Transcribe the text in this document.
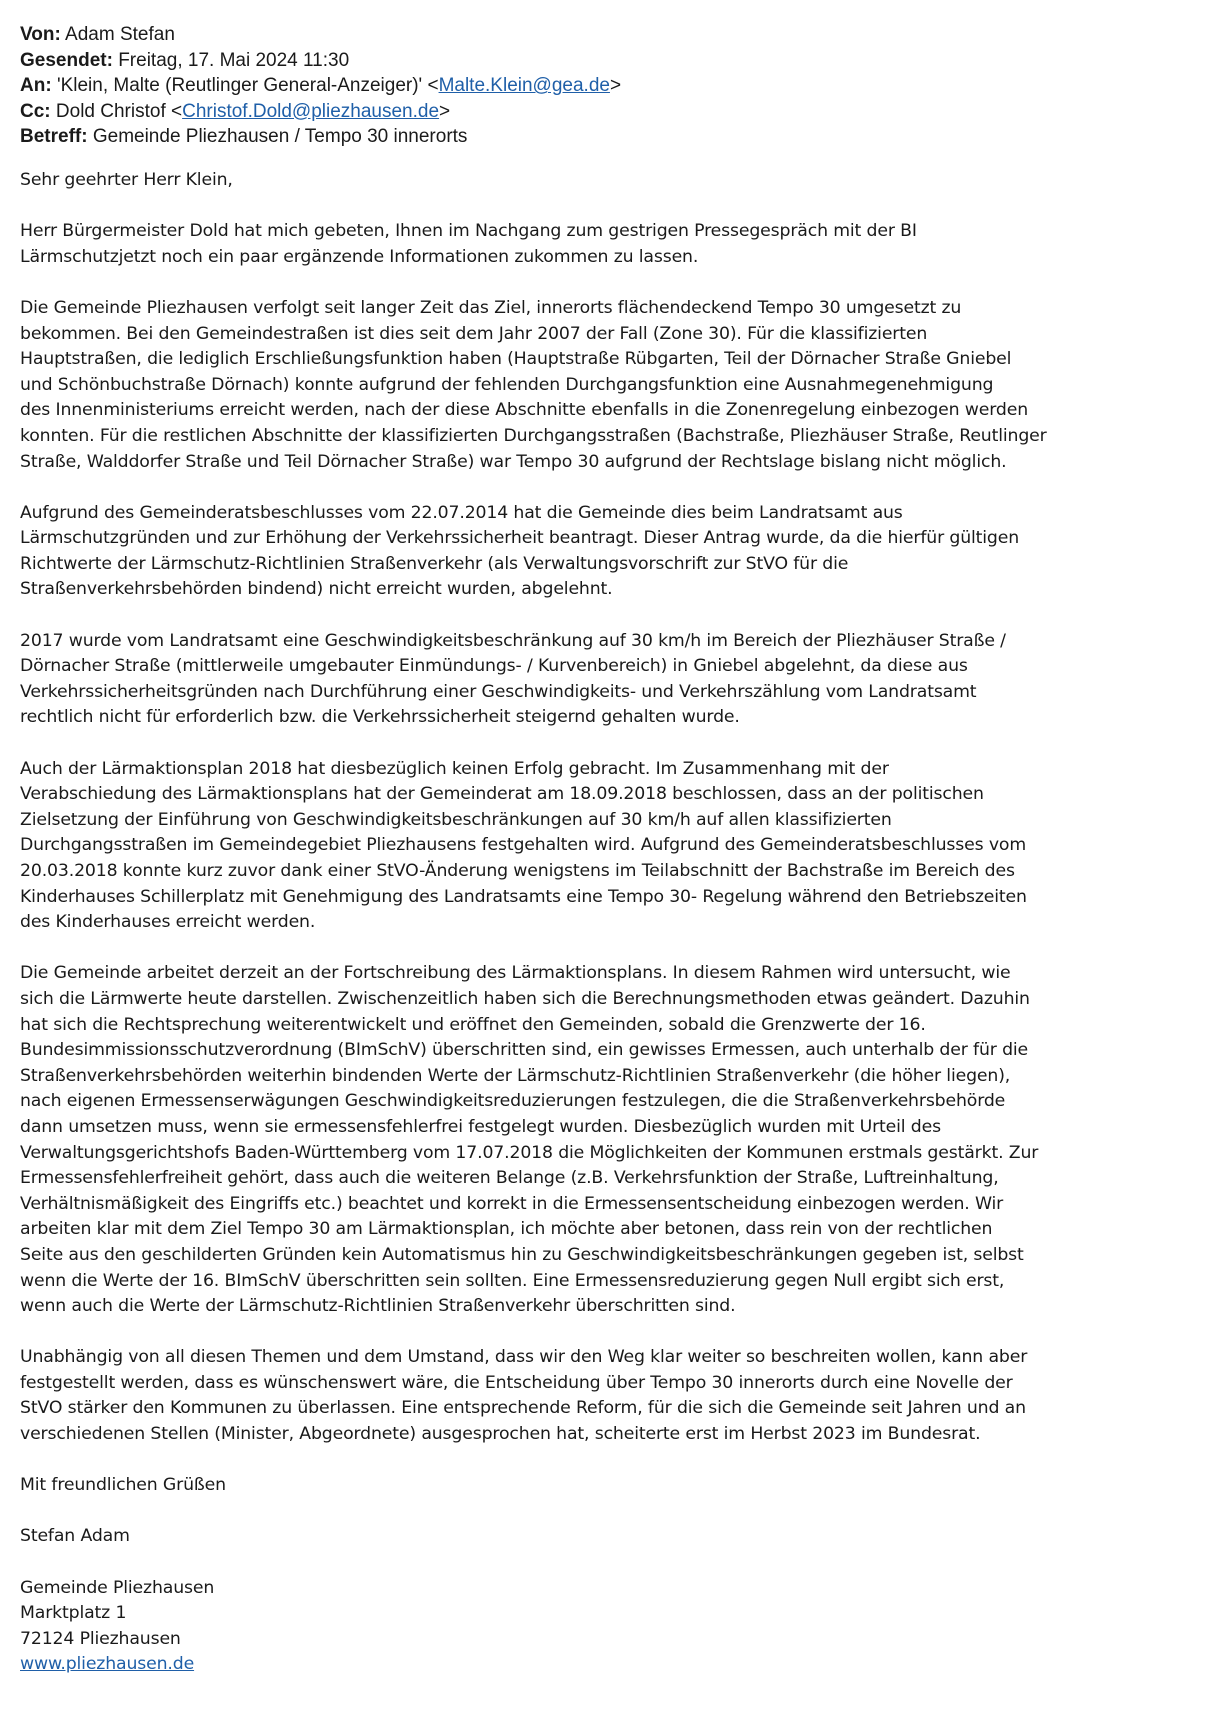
Von: Adam Stefan
Gesendet: Freitag, 17. Mai 2024 11:30
An: 'Klein, Malte (Reutlinger General-Anzeiger)' <Malte.Klein@gea.de>
Cc: Dold Christof <Christof.Dold@pliezhausen.de>
Betreff: Gemeinde Pliezhausen / Tempo 30 innerorts
Sehr geehrter Herr Klein,
Herr Bürgermeister Dold hat mich gebeten, Ihnen im Nachgang zum gestrigen Pressegespräch mit der BI
Lärmschutzjetzt noch ein paar ergänzende Informationen zukommen zu lassen.
Die Gemeinde Pliezhausen verfolgt seit langer Zeit das Ziel, innerorts flächendeckend Tempo 30 umgesetzt zu
bekommen. Bei den Gemeindestraßen ist dies seit dem Jahr 2007 der Fall (Zone 30). Für die klassifizierten
Hauptstraßen, die lediglich Erschließungsfunktion haben (Hauptstraße Rübgarten, Teil der Dörnacher Straße Gniebel
und Schönbuchstraße Dörnach) konnte aufgrund der fehlenden Durchgangsfunktion eine Ausnahmegenehmigung
des Innenministeriums erreicht werden, nach der diese Abschnitte ebenfalls in die Zonenregelung einbezogen werden
konnten. Für die restlichen Abschnitte der klassifizierten Durchgangsstraßen (Bachstraße, Pliezhäuser Straße, Reutlinger
Straße, Walddorfer Straße und Teil Dörnacher Straße) war Tempo 30 aufgrund der Rechtslage bislang nicht möglich.
Aufgrund des Gemeinderatsbeschlusses vom 22.07.2014 hat die Gemeinde dies beim Landratsamt aus
Lärmschutzgründen und zur Erhöhung der Verkehrssicherheit beantragt. Dieser Antrag wurde, da die hierfür gültigen
Richtwerte der Lärmschutz-Richtlinien Straßenverkehr (als Verwaltungsvorschrift zur StVO für die
Straßenverkehrsbehörden bindend) nicht erreicht wurden, abgelehnt.
2017 wurde vom Landratsamt eine Geschwindigkeitsbeschränkung auf 30 km/h im Bereich der Pliezhäuser Straße /
Dörnacher Straße (mittlerweile umgebauter Einmündungs- / Kurvenbereich) in Gniebel abgelehnt, da diese aus
Verkehrssicherheitsgründen nach Durchführung einer Geschwindigkeits- und Verkehrszählung vom Landratsamt
rechtlich nicht für erforderlich bzw. die Verkehrssicherheit steigernd gehalten wurde.
Auch der Lärmaktionsplan 2018 hat diesbezüglich keinen Erfolg gebracht. Im Zusammenhang mit der
Verabschiedung des Lärmaktionsplans hat der Gemeinderat am 18.09.2018 beschlossen, dass an der politischen
Zielsetzung der Einführung von Geschwindigkeitsbeschränkungen auf 30 km/h auf allen klassifizierten
Durchgangsstraßen im Gemeindegebiet Pliezhausens festgehalten wird. Aufgrund des Gemeinderatsbeschlusses vom
20.03.2018 konnte kurz zuvor dank einer StVO-Änderung wenigstens im Teilabschnitt der Bachstraße im Bereich des
Kinderhauses Schillerplatz mit Genehmigung des Landratsamts eine Tempo 30- Regelung während den Betriebszeiten
des Kinderhauses erreicht werden.
Die Gemeinde arbeitet derzeit an der Fortschreibung des Lärmaktionsplans. In diesem Rahmen wird untersucht, wie
sich die Lärmwerte heute darstellen. Zwischenzeitlich haben sich die Berechnungsmethoden etwas geändert. Dazuhin
hat sich die Rechtsprechung weiterentwickelt und eröffnet den Gemeinden, sobald die Grenzwerte der 16.
Bundesimmissionsschutzverordnung (BImSchV) überschritten sind, ein gewisses Ermessen, auch unterhalb der für die
Straßenverkehrsbehörden weiterhin bindenden Werte der Lärmschutz-Richtlinien Straßenverkehr (die höher liegen),
nach eigenen Ermessenserwägungen Geschwindigkeitsreduzierungen festzulegen, die die Straßenverkehrsbehörde
dann umsetzen muss, wenn sie ermessensfehlerfrei festgelegt wurden. Diesbezüglich wurden mit Urteil des
Verwaltungsgerichtshofs Baden-Württemberg vom 17.07.2018 die Möglichkeiten der Kommunen erstmals gestärkt. Zur
Ermessensfehlerfreiheit gehört, dass auch die weiteren Belange (z.B. Verkehrsfunktion der Straße, Luftreinhaltung,
Verhältnismäßigkeit des Eingriffs etc.) beachtet und korrekt in die Ermessensentscheidung einbezogen werden. Wir
arbeiten klar mit dem Ziel Tempo 30 am Lärmaktionsplan, ich möchte aber betonen, dass rein von der rechtlichen
Seite aus den geschilderten Gründen kein Automatismus hin zu Geschwindigkeitsbeschränkungen gegeben ist, selbst
wenn die Werte der 16. BImSchV überschritten sein sollten. Eine Ermessensreduzierung gegen Null ergibt sich erst,
wenn auch die Werte der Lärmschutz-Richtlinien Straßenverkehr überschritten sind.
Unabhängig von all diesen Themen und dem Umstand, dass wir den Weg klar weiter so beschreiten wollen, kann aber
festgestellt werden, dass es wünschenswert wäre, die Entscheidung über Tempo 30 innerorts durch eine Novelle der
StVO stärker den Kommunen zu überlassen. Eine entsprechende Reform, für die sich die Gemeinde seit Jahren und an
verschiedenen Stellen (Minister, Abgeordnete) ausgesprochen hat, scheiterte erst im Herbst 2023 im Bundesrat.
Mit freundlichen Grüßen
Stefan Adam
Gemeinde Pliezhausen
Marktplatz 1
72124 Pliezhausen
www.pliezhausen.de
